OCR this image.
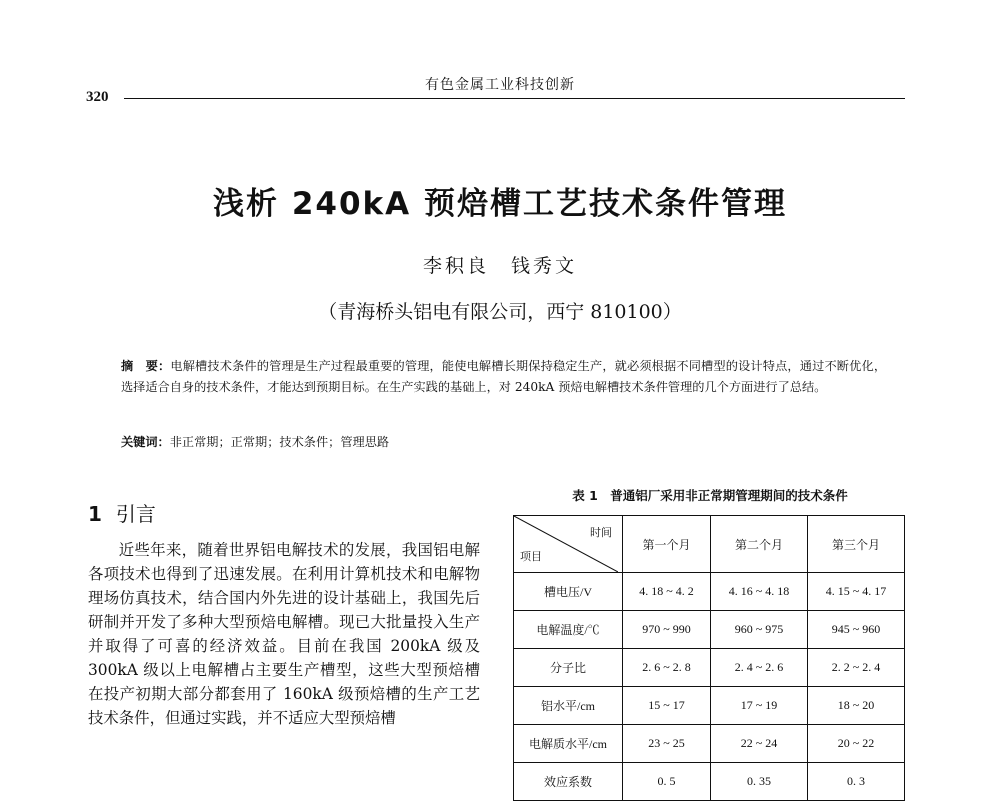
有色金属工业科技创新
320
浅析 240kA 预焙槽工艺技术条件管理
李积良 钱秀文
（青海桥头铝电有限公司，西宁 810100）
摘　要：电解槽技术条件的管理是生产过程最重要的管理，能使电解槽长期保持稳定生产，就必须根据不同槽型的设计特点，通过不断优化，选择适合自身的技术条件，才能达到预期目标。在生产实践的基础上，对 240kA 预焙电解槽技术条件管理的几个方面进行了总结。
关键词：非正常期；正常期；技术条件；管理思路
1 引言
近些年来，随着世界铝电解技术的发展，我国铝电解各项技术也得到了迅速发展。在利用计算机技术和电解物理场仿真技术，结合国内外先进的设计基础上，我国先后研制并开发了多种大型预焙电解槽。现已大批量投入生产并取得了可喜的经济效益。目前在我国 200kA 级及 300kA 级以上电解槽占主要生产槽型，这些大型预焙槽在投产初期大部分都套用了 160kA 级预焙槽的生产工艺技术条件，但通过实践，并不适应大型预焙槽
表 1　普通铝厂采用非正常期管理期间的技术条件
时间
项目	第一个月	第二个月	第三个月
槽电压/V	4. 18 ~ 4. 2	4. 16 ~ 4. 18	4. 15 ~ 4. 17
电解温度/℃	970 ~ 990	960 ~ 975	945 ~ 960
分子比	2. 6 ~ 2. 8	2. 4 ~ 2. 6	2. 2 ~ 2. 4
铝水平/cm	15 ~ 17	17 ~ 19	18 ~ 20
电解质水平/cm	23 ~ 25	22 ~ 24	20 ~ 22
效应系数	0. 5	0. 35	0. 3
